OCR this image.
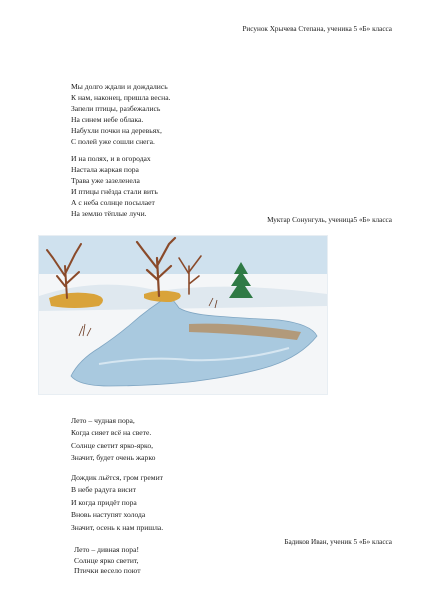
Рисунок Хрычева Степана, ученика 5 «Б» класса
Мы долго ждали и дождались
К нам, наконец, пришла весна.
Запели птицы, разбежались
На синем небе облака.
Набухли почки на деревьях,
С полей уже сошли снега.
И на полях, и в огородах
Настала жаркая пора
Трава уже зазеленела
И птицы гнёзда стали вить
А с неба солнце посылает
На землю тёплые лучи.
Муктар Сонунгуль, ученица5 «Б» класса
Лето – чудная пора,
Когда сияет всё на свете.
Солнце светит ярко-ярко,
Значит, будет очень жарко
Дождик льётся, гром гремит
В небе радуга висит
И когда придёт пора
Вновь наступят холода
Значит, осень к нам пришла.
Бадиков Иван, ученик 5 «Б» класса
Лето – дивная пора!
Солнце ярко светит,
Птички весело поют
